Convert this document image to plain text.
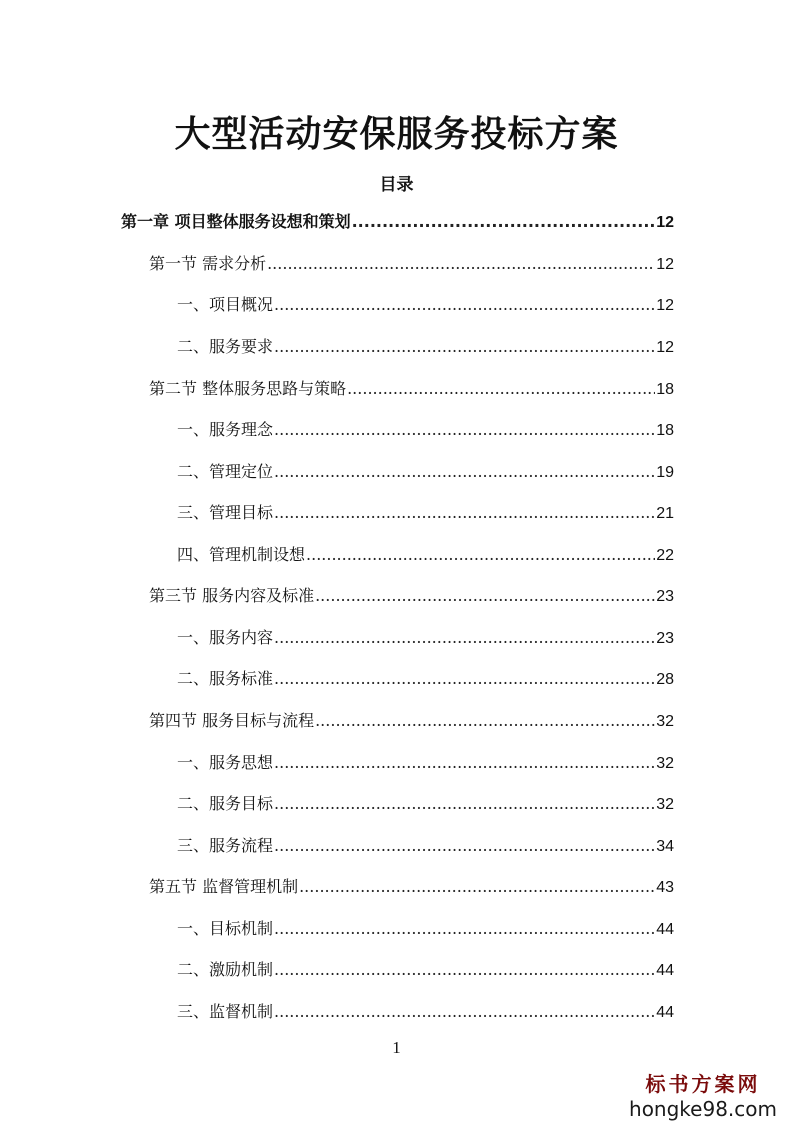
大型活动安保服务投标方案
目录
第一章 项目整体服务设想和策划 .....	12
第一节 需求分析 .....	12
一、项目概况 .....	12
二、服务要求 .....	12
第二节 整体服务思路与策略 .....	18
一、服务理念 .....	18
二、管理定位 .....	19
三、管理目标 .....	21
四、管理机制设想 .....	22
第三节 服务内容及标准 .....	23
一、服务内容 .....	23
二、服务标准 .....	28
第四节 服务目标与流程 .....	32
一、服务思想 .....	32
二、服务目标 .....	32
三、服务流程 .....	34
第五节 监督管理机制 .....	43
一、目标机制 .....	44
二、激励机制 .....	44
三、监督机制 .....	44
1
标书方案网
hongke98.com
